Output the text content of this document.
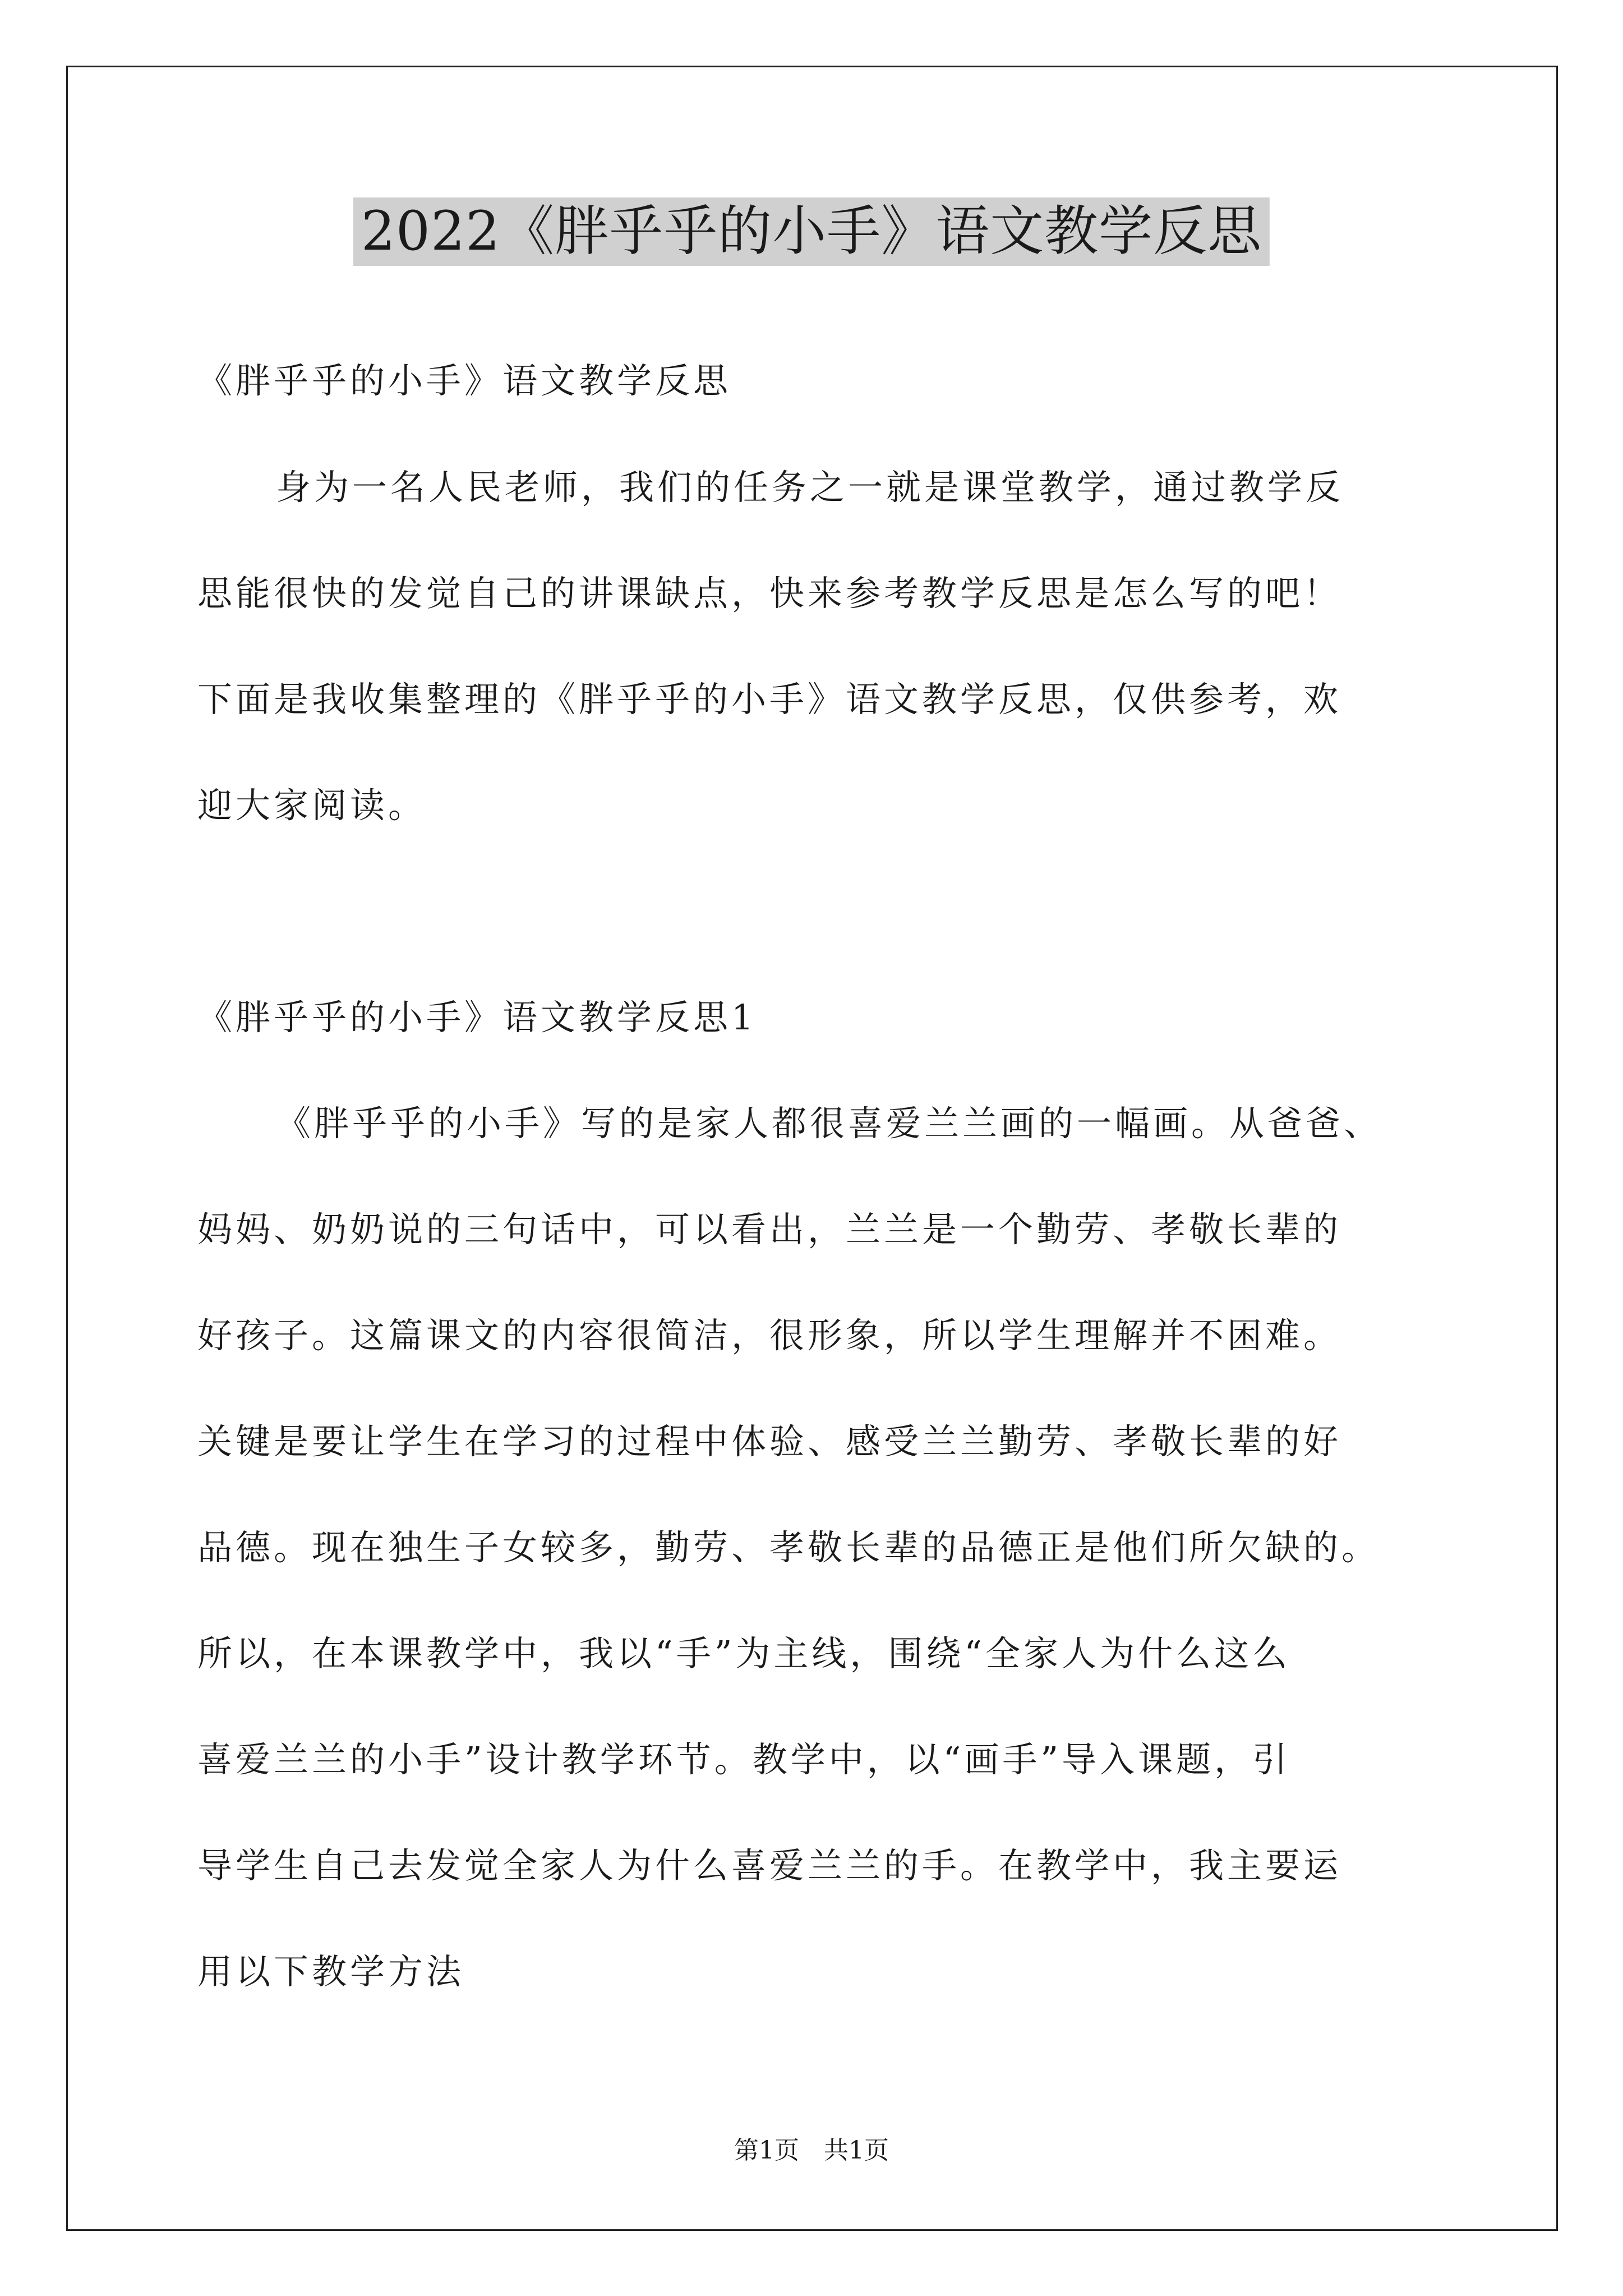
2022《胖乎乎的小手》语文教学反思

《胖乎乎的小手》语文教学反思

身为一名人民老师，我们的任务之一就是课堂教学，通过教学反

思能很快的发觉自己的讲课缺点，快来参考教学反思是怎么写的吧！

下面是我收集整理的《胖乎乎的小手》语文教学反思，仅供参考，欢

迎大家阅读。

《胖乎乎的小手》语文教学反思1

《胖乎乎的小手》写的是家人都很喜爱兰兰画的一幅画。从爸爸、

妈妈、奶奶说的三句话中，可以看出，兰兰是一个勤劳、孝敬长辈的

好孩子。这篇课文的内容很简洁，很形象，所以学生理解并不困难。

关键是要让学生在学习的过程中体验、感受兰兰勤劳、孝敬长辈的好

品德。现在独生子女较多，勤劳、孝敬长辈的品德正是他们所欠缺的。

所以，在本课教学中，我以“手”为主线，围绕“全家人为什么这么

喜爱兰兰的小手”设计教学环节。教学中，以“画手”导入课题，引

导学生自己去发觉全家人为什么喜爱兰兰的手。在教学中，我主要运

用以下教学方法

第1页　共1页
